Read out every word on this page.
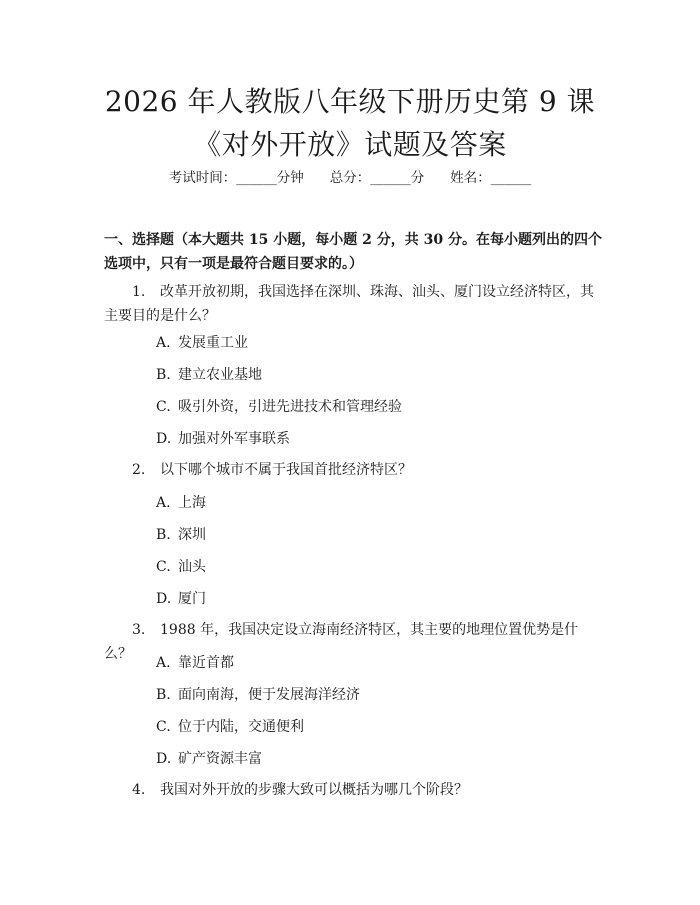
2026 年人教版八年级下册历史第 9 课《对外开放》试题及答案
考试时间：______分钟 总分：______分 姓名：______
一、选择题（本大题共 15 小题，每小题 2 分，共 30 分。在每小题列出的四个选项中，只有一项是最符合题目要求的。）
1. 改革开放初期，我国选择在深圳、珠海、汕头、厦门设立经济特区，其主要目的是什么？
A. 发展重工业
B. 建立农业基地
C. 吸引外资，引进先进技术和管理经验
D. 加强对外军事联系
2. 以下哪个城市不属于我国首批经济特区？
A. 上海
B. 深圳
C. 汕头
D. 厦门
3. 1988 年，我国决定设立海南经济特区，其主要的地理位置优势是什么？
A. 靠近首都
B. 面向南海，便于发展海洋经济
C. 位于内陆，交通便利
D. 矿产资源丰富
4. 我国对外开放的步骤大致可以概括为哪几个阶段？
